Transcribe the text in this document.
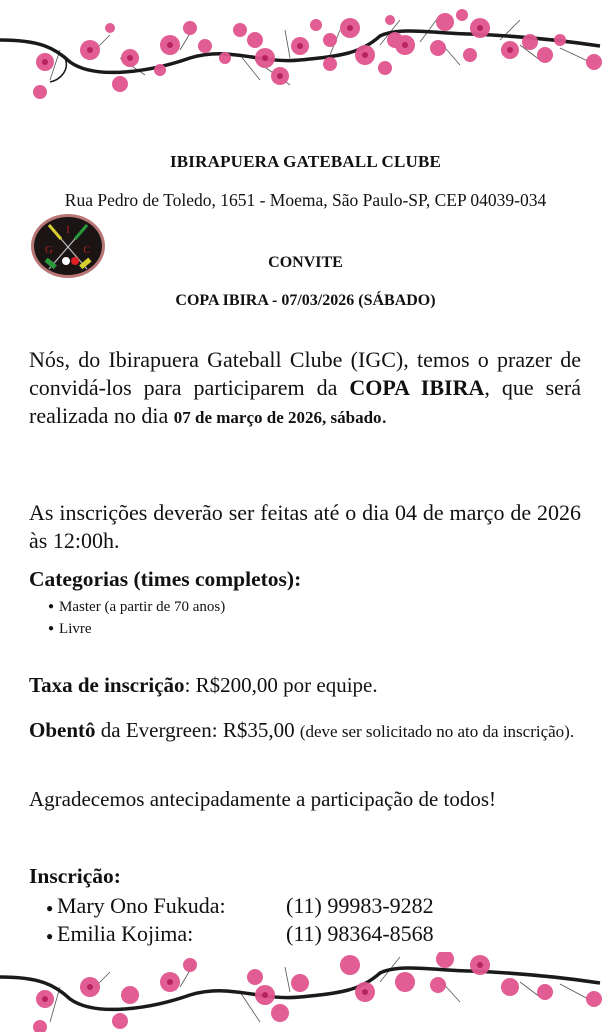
IBIRAPUERA GATEBALL CLUBE
Rua Pedro de Toledo, 1651 - Moema, São Paulo-SP, CEP 04039-034
I
G	C
CONVITE
COPA IBIRA - 07/03/2026 (SÁBADO)
Nós, do Ibirapuera Gateball Clube (IGC), temos o prazer de convidá-los para participarem da COPA IBIRA, que será realizada no dia 07 de março de 2026, sábado.
As inscrições deverão ser feitas até o dia 04 de março de 2026 às 12:00h.
Categorias (times completos):
● Master (a partir de 70 anos)
● Livre
Taxa de inscrição: R$200,00 por equipe.
Obentô da Evergreen: R$35,00 (deve ser solicitado no ato da inscrição).
Agradecemos antecipadamente a participação de todos!
Inscrição:
● Mary Ono Fukuda:	(11) 99983-9282
● Emilia Kojima:	(11) 98364-8568
